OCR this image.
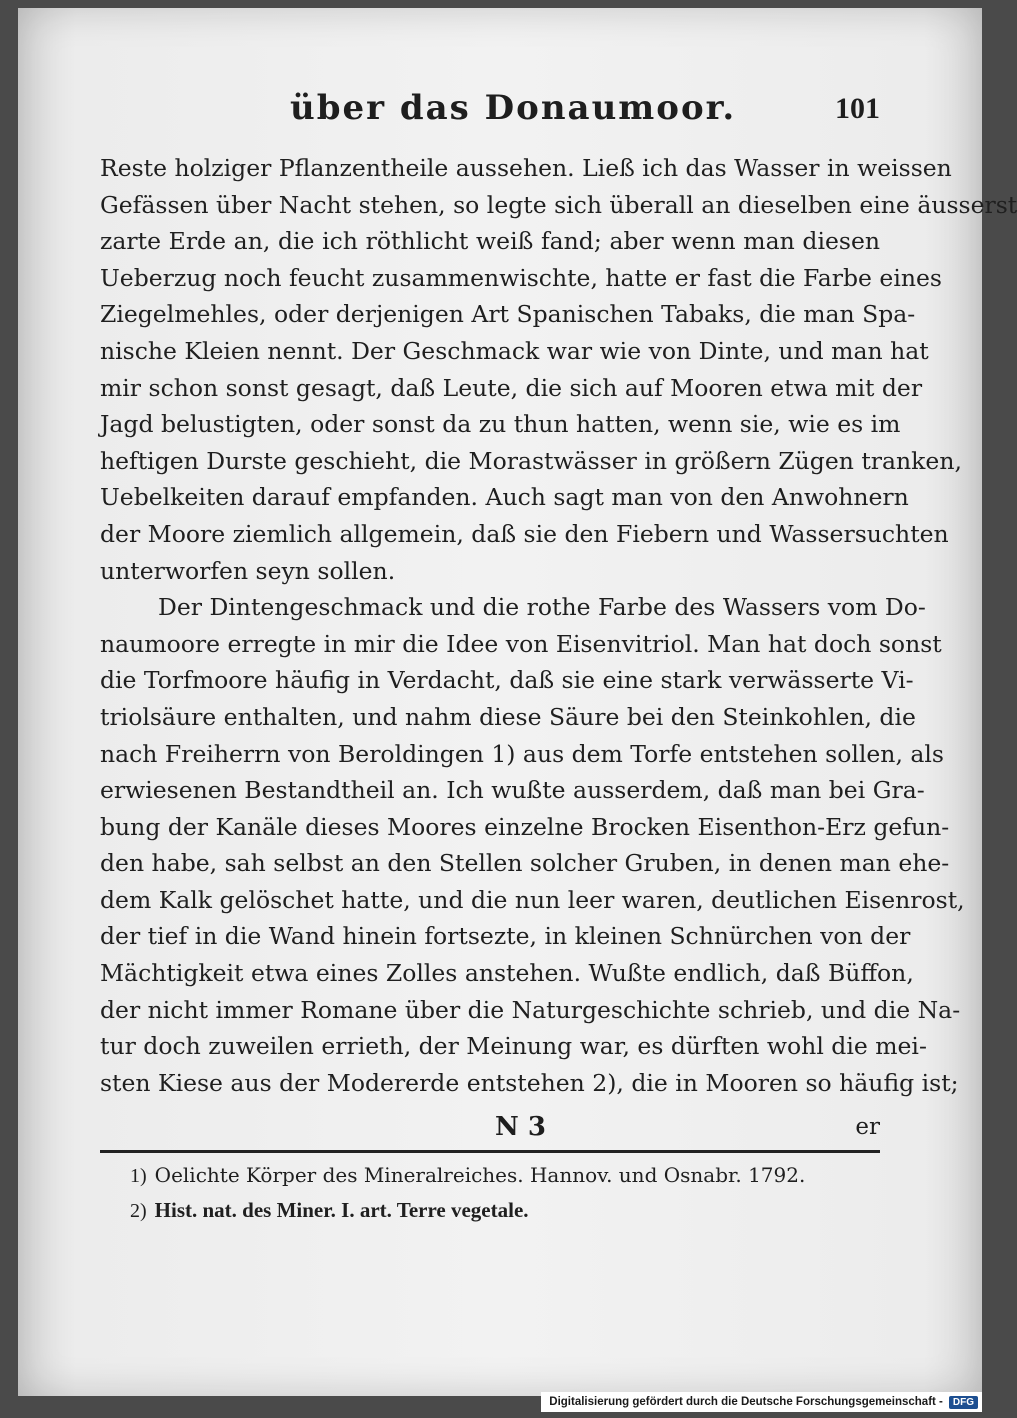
über das Donaumoor.	101
Reste holziger Pflanzentheile aussehen. Ließ ich das Wasser in weissen
Gefässen über Nacht stehen, so legte sich überall an dieselben eine äusserst
zarte Erde an, die ich röthlicht weiß fand; aber wenn man diesen
Ueberzug noch feucht zusammenwischte, hatte er fast die Farbe eines
Ziegelmehles, oder derjenigen Art Spanischen Tabaks, die man Spa-
nische Kleien nennt. Der Geschmack war wie von Dinte, und man hat
mir schon sonst gesagt, daß Leute, die sich auf Mooren etwa mit der
Jagd belustigten, oder sonst da zu thun hatten, wenn sie, wie es im
heftigen Durste geschieht, die Morastwässer in größern Zügen tranken,
Uebelkeiten darauf empfanden. Auch sagt man von den Anwohnern
der Moore ziemlich allgemein, daß sie den Fiebern und Wassersuchten
unterworfen seyn sollen.
Der Dintengeschmack und die rothe Farbe des Wassers vom Do-
naumoore erregte in mir die Idee von Eisenvitriol. Man hat doch sonst
die Torfmoore häufig in Verdacht, daß sie eine stark verwässerte Vi-
triolsäure enthalten, und nahm diese Säure bei den Steinkohlen, die
nach Freiherrn von Beroldingen 1) aus dem Torfe entstehen sollen, als
erwiesenen Bestandtheil an. Ich wußte ausserdem, daß man bei Gra-
bung der Kanäle dieses Moores einzelne Brocken Eisenthon-Erz gefun-
den habe, sah selbst an den Stellen solcher Gruben, in denen man ehe-
dem Kalk gelöschet hatte, und die nun leer waren, deutlichen Eisenrost,
der tief in die Wand hinein fortsezte, in kleinen Schnürchen von der
Mächtigkeit etwa eines Zolles anstehen. Wußte endlich, daß Büffon,
der nicht immer Romane über die Naturgeschichte schrieb, und die Na-
tur doch zuweilen errieth, der Meinung war, es dürften wohl die mei-
sten Kiese aus der Modererde entstehen 2), die in Mooren so häufig ist;
N 3	er
1) Oelichte Körper des Mineralreiches. Hannov. und Osnabr. 1792.
2) Hist. nat. des Miner. I. art. Terre vegetale.
Digitalisierung gefördert durch die Deutsche Forschungsgemeinschaft -	DFG
